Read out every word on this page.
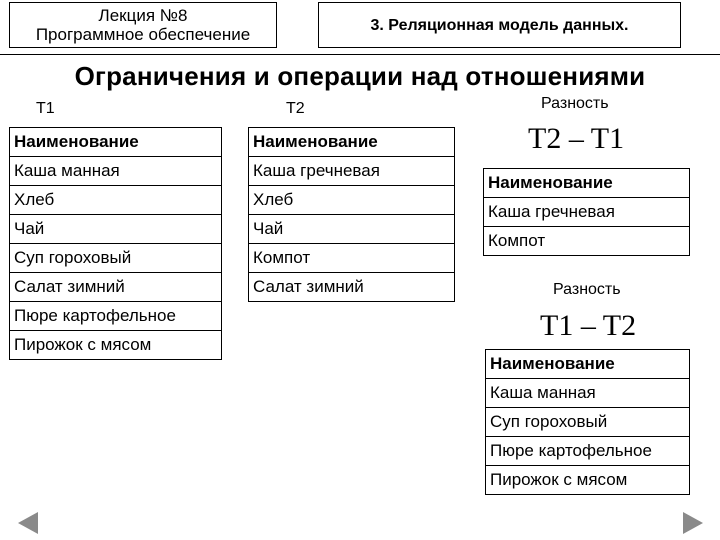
Лекция №8
Программное обеспечение	3. Реляционная модель данных.
Ограничения и операции над отношениями
T1
Наименование
Каша манная
Хлеб
Чай
Суп гороховый
Салат зимний
Пюре картофельное
Пирожок с мясом
T2
Наименование
Каша гречневая
Хлеб
Чай
Компот
Салат зимний
Разность
T2 – T1
Наименование
Каша гречневая
Компот
Разность
T1 – T2
Наименование
Каша манная
Суп гороховый
Пюре картофельное
Пирожок с мясом
